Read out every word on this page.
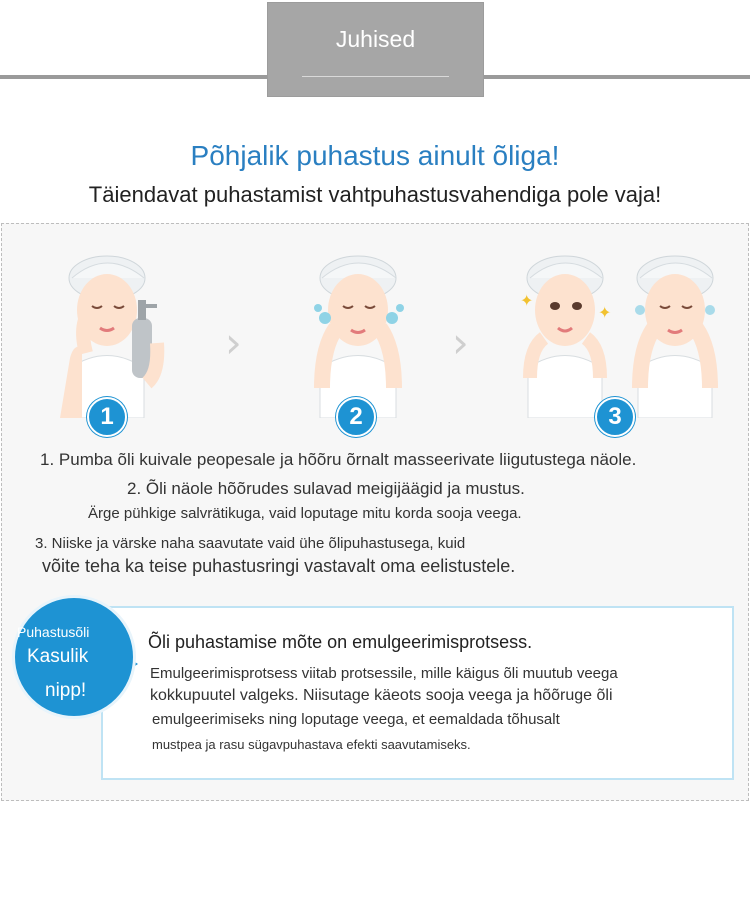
Juhised
Põhjalik puhastus ainult õliga!
Täiendavat puhastamist vahtpuhastusvahendiga pole vaja!
›	›
✦
✦
1	2	3
1. Pumba õli kuivale peopesale ja hõõru õrnalt masseerivate liigutustega näole.
2. Õli näole hõõrudes sulavad meigijäägid ja mustus.
Ärge pühkige salvrätikuga, vaid loputage mitu korda sooja veega.
3. Niiske ja värske naha saavutate vaid ühe õlipuhastusega, kuid
võite teha ka teise puhastusringi vastavalt oma eelistustele.
Puhastusõli
Kasulik
nipp!
Õli puhastamise mõte on emulgeerimisprotsess.
Emulgeerimisprotsess viitab protsessile, mille käigus õli muutub veega
kokkupuutel valgeks. Niisutage käeots sooja veega ja hõõruge õli
emulgeerimiseks ning loputage veega, et eemaldada tõhusalt
mustpea ja rasu sügavpuhastava efekti saavutamiseks.
